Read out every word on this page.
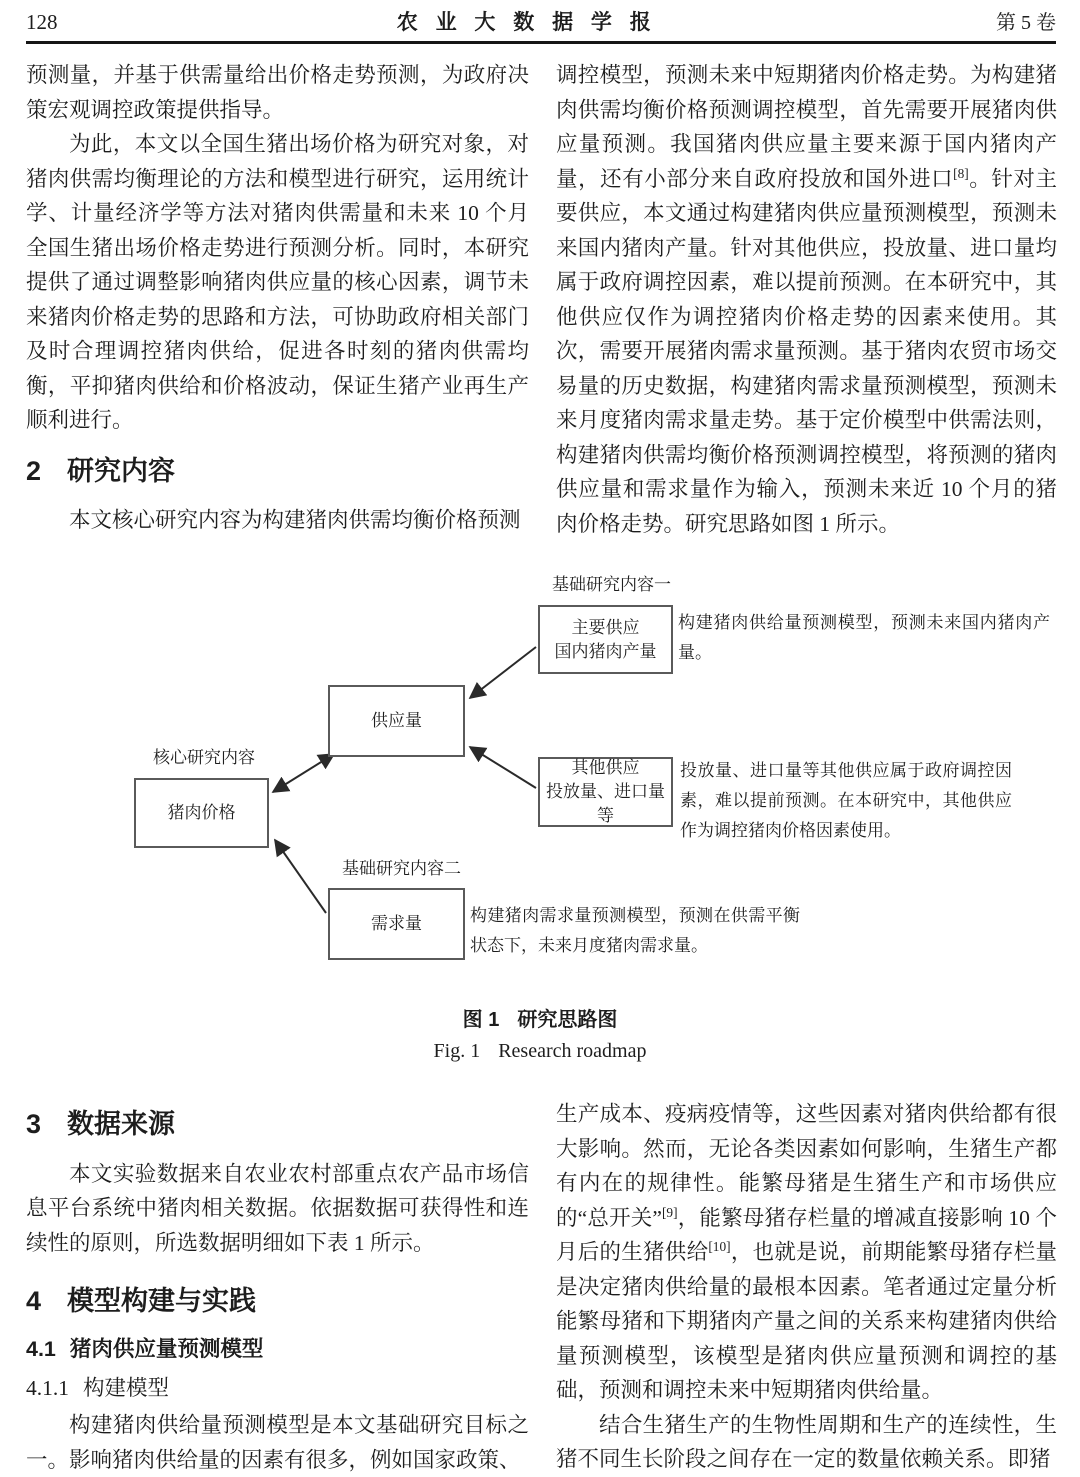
128	农 业 大 数 据 学 报	第 5 卷

预测量，并基于供需量给出价格走势预测，为政府决策宏观调控政策提供指导。

为此，本文以全国生猪出场价格为研究对象，对猪肉供需均衡理论的方法和模型进行研究，运用统计学、计量经济学等方法对猪肉供需量和未来 10 个月全国生猪出场价格走势进行预测分析。同时，本研究提供了通过调整影响猪肉供应量的核心因素，调节未来猪肉价格走势的思路和方法，可协助政府相关部门及时合理调控猪肉供给，促进各时刻的猪肉供需均衡，平抑猪肉供给和价格波动，保证生猪产业再生产顺利进行。

2 研究内容

本文核心研究内容为构建猪肉供需均衡价格预测

调控模型，预测未来中短期猪肉价格走势。为构建猪肉供需均衡价格预测调控模型，首先需要开展猪肉供应量预测。我国猪肉供应量主要来源于国内猪肉产量，还有小部分来自政府投放和国外进口[8]。针对主要供应，本文通过构建猪肉供应量预测模型，预测未来国内猪肉产量。针对其他供应，投放量、进口量均属于政府调控因素，难以提前预测。在本研究中，其他供应仅作为调控猪肉价格走势的因素来使用。其次，需要开展猪肉需求量预测。基于猪肉农贸市场交易量的历史数据，构建猪肉需求量预测模型，预测未来月度猪肉需求量走势。基于定价模型中供需法则，构建猪肉供需均衡价格预测调控模型，将预测的猪肉供应量和需求量作为输入，预测未来近 10 个月的猪肉价格走势。研究思路如图 1 所示。

基础研究内容一
主要供应
国内猪肉产量
构建猪肉供给量预测模型，预测未来国内猪肉产量。
供应量
核心研究内容
猪肉价格
其他供应
投放量、进口量等
投放量、进口量等其他供应属于政府调控因素，难以提前预测。在本研究中，其他供应作为调控猪肉价格因素使用。
基础研究内容二
需求量	构建猪肉需求量预测模型，预测在供需平衡状态下，未来月度猪肉需求量。
图 1 研究思路图
Fig. 1 Research roadmap
3 数据来源

本文实验数据来自农业农村部重点农产品市场信息平台系统中猪肉相关数据。依据数据可获得性和连续性的原则，所选数据明细如下表 1 所示。

4 模型构建与实践
4.1 猪肉供应量预测模型
4.1.1 构建模型

构建猪肉供给量预测模型是本文基础研究目标之一。影响猪肉供给量的因素有很多，例如国家政策、

生产成本、疫病疫情等，这些因素对猪肉供给都有很大影响。然而，无论各类因素如何影响，生猪生产都有内在的规律性。能繁母猪是生猪生产和市场供应的“总开关”[9]，能繁母猪存栏量的增减直接影响 10 个月后的生猪供给[10]，也就是说，前期能繁母猪存栏量是决定猪肉供给量的最根本因素。笔者通过定量分析能繁母猪和下期猪肉产量之间的关系来构建猪肉供给量预测模型，该模型是猪肉供应量预测和调控的基础，预测和调控未来中短期猪肉供给量。

结合生猪生产的生物性周期和生产的连续性，生猪不同生长阶段之间存在一定的数量依赖关系。即猪
